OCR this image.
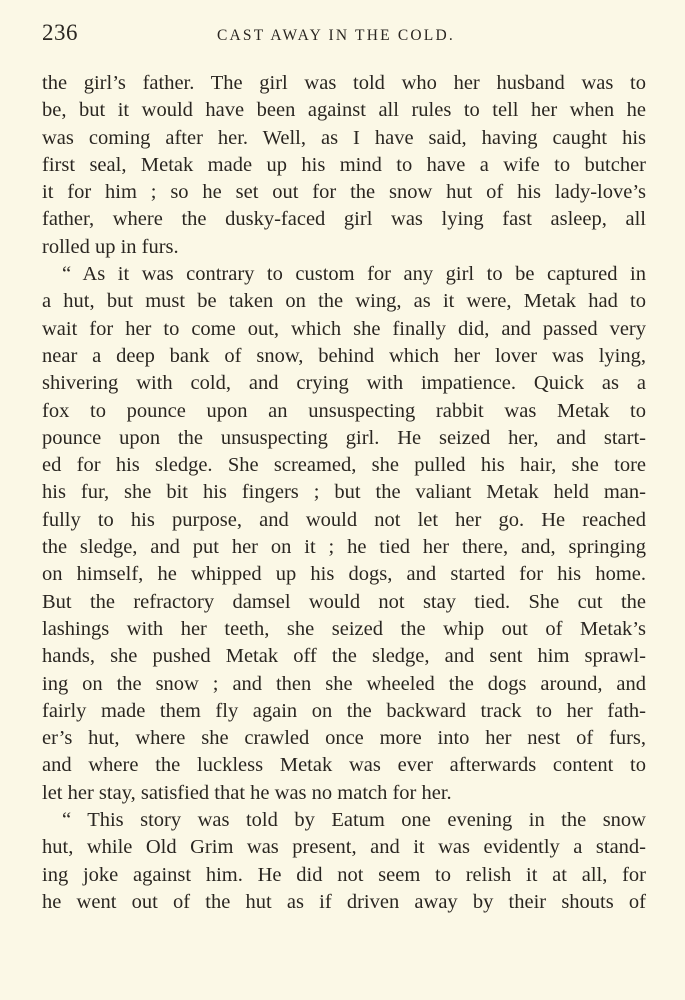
236	CAST AWAY IN THE COLD.
the girl’s father. The girl was told who her husband was to
be, but it would have been against all rules to tell her when he
was coming after her. Well, as I have said, having caught his
first seal, Metak made up his mind to have a wife to butcher
it for him ; so he set out for the snow hut of his lady-love’s
father, where the dusky-faced girl was lying fast asleep, all
rolled up in furs.
“ As it was contrary to custom for any girl to be captured in
a hut, but must be taken on the wing, as it were, Metak had to
wait for her to come out, which she finally did, and passed very
near a deep bank of snow, behind which her lover was lying,
shivering with cold, and crying with impatience. Quick as a
fox to pounce upon an unsuspecting rabbit was Metak to
pounce upon the unsuspecting girl. He seized her, and start-
ed for his sledge. She screamed, she pulled his hair, she tore
his fur, she bit his fingers ; but the valiant Metak held man-
fully to his purpose, and would not let her go. He reached
the sledge, and put her on it ; he tied her there, and, springing
on himself, he whipped up his dogs, and started for his home.
But the refractory damsel would not stay tied. She cut the
lashings with her teeth, she seized the whip out of Metak’s
hands, she pushed Metak off the sledge, and sent him sprawl-
ing on the snow ; and then she wheeled the dogs around, and
fairly made them fly again on the backward track to her fath-
er’s hut, where she crawled once more into her nest of furs,
and where the luckless Metak was ever afterwards content to
let her stay, satisfied that he was no match for her.
“ This story was told by Eatum one evening in the snow
hut, while Old Grim was present, and it was evidently a stand-
ing joke against him. He did not seem to relish it at all, for
he went out of the hut as if driven away by their shouts of
